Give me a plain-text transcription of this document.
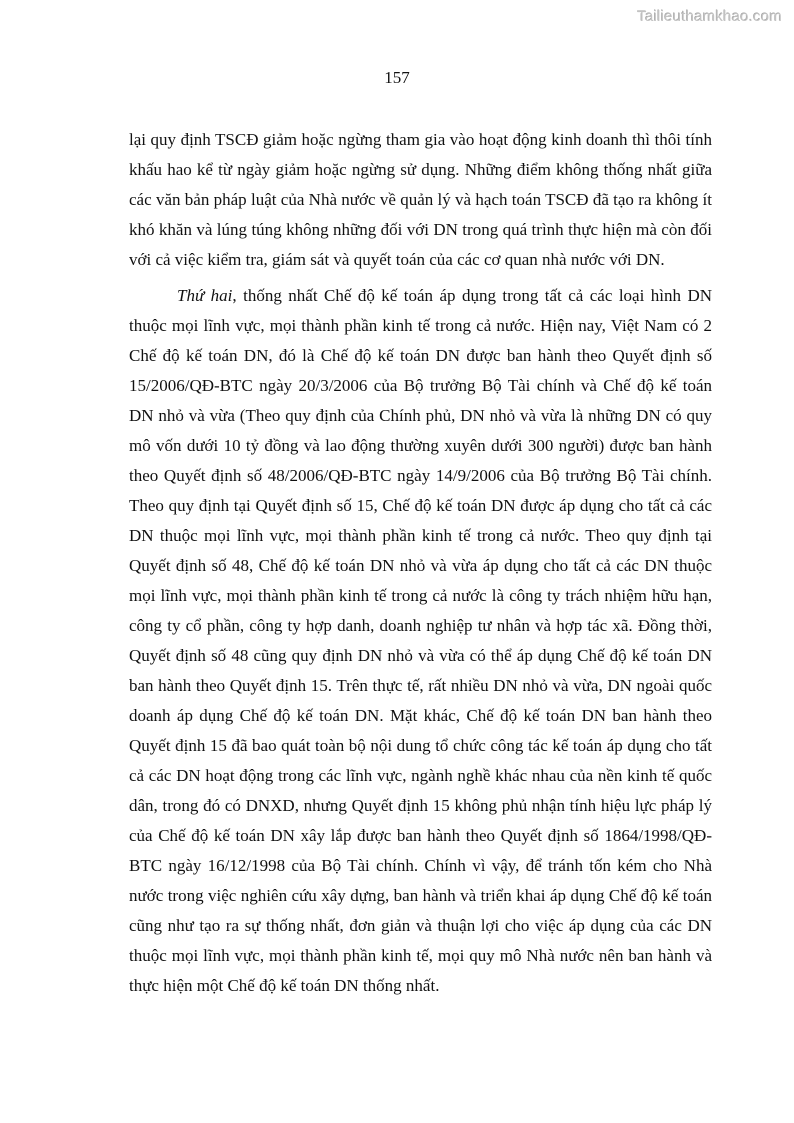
Tailieuthamkhao.com
157

lại quy định TSCĐ giảm hoặc ngừng tham gia vào hoạt động kinh doanh thì thôi tính khấu hao kể từ ngày giảm hoặc ngừng sử dụng. Những điểm không thống nhất giữa các văn bản pháp luật của Nhà nước về quản lý và hạch toán TSCĐ đã tạo ra không ít khó khăn và lúng túng không những đối với DN trong quá trình thực hiện mà còn đối với cả việc kiểm tra, giám sát và quyết toán của các cơ quan nhà nước với DN.

Thứ hai, thống nhất Chế độ kế toán áp dụng trong tất cả các loại hình DN thuộc mọi lĩnh vực, mọi thành phần kinh tế trong cả nước. Hiện nay, Việt Nam có 2 Chế độ kế toán DN, đó là Chế độ kế toán DN được ban hành theo Quyết định số 15/2006/QĐ-BTC ngày 20/3/2006 của Bộ trưởng Bộ Tài chính và Chế độ kế toán DN nhỏ và vừa (Theo quy định của Chính phủ, DN nhỏ và vừa là những DN có quy mô vốn dưới 10 tỷ đồng và lao động thường xuyên dưới 300 người) được ban hành theo Quyết định số 48/2006/QĐ-BTC ngày 14/9/2006 của Bộ trưởng Bộ Tài chính. Theo quy định tại Quyết định số 15, Chế độ kế toán DN được áp dụng cho tất cả các DN thuộc mọi lĩnh vực, mọi thành phần kinh tế trong cả nước. Theo quy định tại Quyết định số 48, Chế độ kế toán DN nhỏ và vừa áp dụng cho tất cả các DN thuộc mọi lĩnh vực, mọi thành phần kinh tế trong cả nước là công ty trách nhiệm hữu hạn, công ty cổ phần, công ty hợp danh, doanh nghiệp tư nhân và hợp tác xã. Đồng thời, Quyết định số 48 cũng quy định DN nhỏ và vừa có thể áp dụng Chế độ kế toán DN ban hành theo Quyết định 15. Trên thực tế, rất nhiều DN nhỏ và vừa, DN ngoài quốc doanh áp dụng Chế độ kế toán DN. Mặt khác, Chế độ kế toán DN ban hành theo Quyết định 15 đã bao quát toàn bộ nội dung tổ chức công tác kế toán áp dụng cho tất cả các DN hoạt động trong các lĩnh vực, ngành nghề khác nhau của nền kinh tế quốc dân, trong đó có DNXD, nhưng Quyết định 15 không phủ nhận tính hiệu lực pháp lý của Chế độ kế toán DN xây lắp được ban hành theo Quyết định số 1864/1998/QĐ-BTC ngày 16/12/1998 của Bộ Tài chính. Chính vì vậy, để tránh tốn kém cho Nhà nước trong việc nghiên cứu xây dựng, ban hành và triển khai áp dụng Chế độ kế toán cũng như tạo ra sự thống nhất, đơn giản và thuận lợi cho việc áp dụng của các DN thuộc mọi lĩnh vực, mọi thành phần kinh tế, mọi quy mô Nhà nước nên ban hành và thực hiện một Chế độ kế toán DN thống nhất.
